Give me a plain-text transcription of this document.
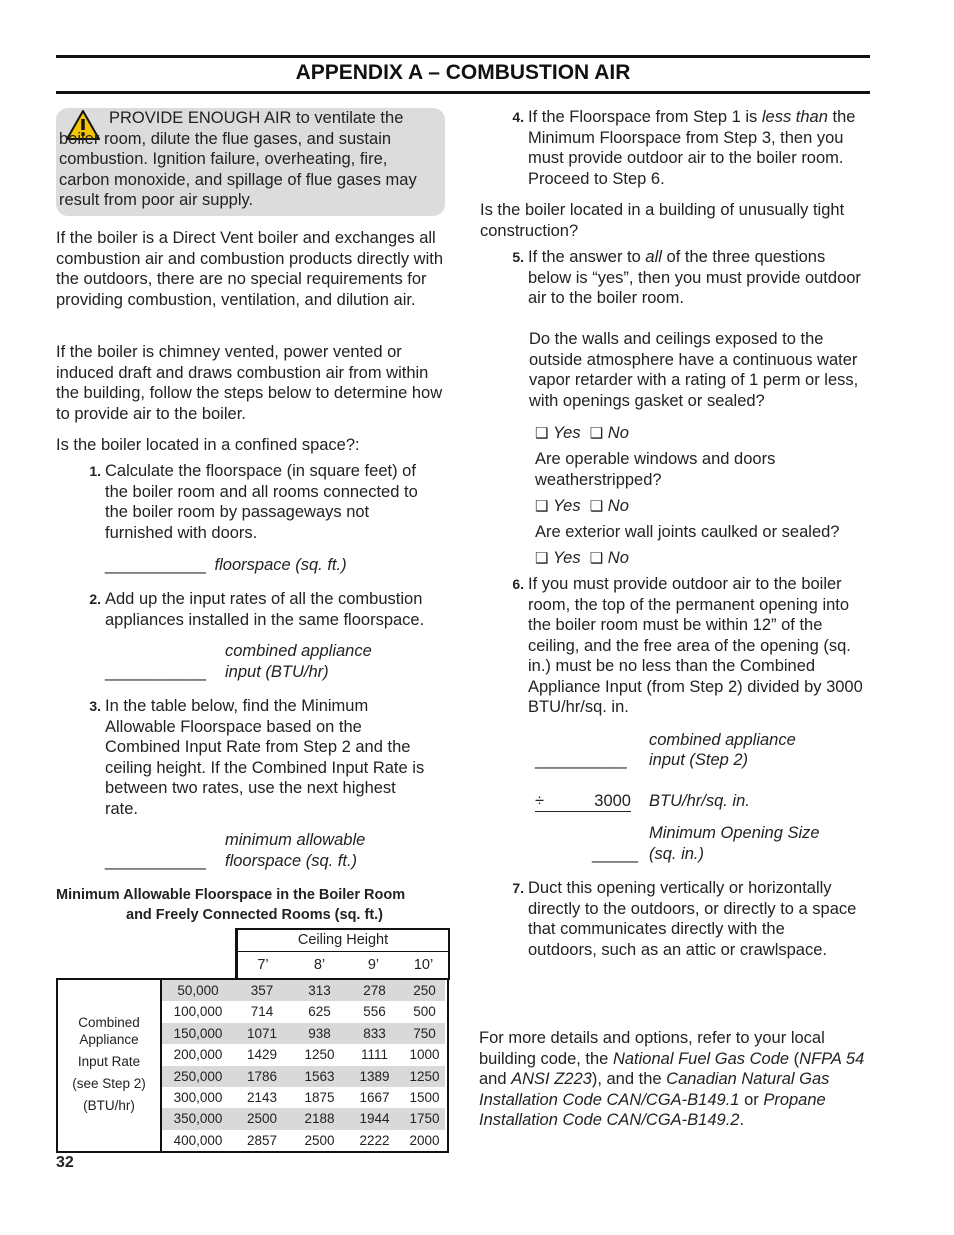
APPENDIX A – COMBUSTION AIR

PROVIDE ENOUGH AIR to ventilate the boiler room, dilute the flue gases, and sustain combustion. Ignition failure, overheating, fire, carbon monoxide, and spillage of flue gases may result from poor air supply.

If the boiler is a Direct Vent boiler and exchanges all combustion air and combustion products directly with the outdoors, there are no special requirements for providing combustion, ventilation, and dilution air.

If the boiler is chimney vented, power vented or induced draft and draws combustion air from within the building, follow the steps below to determine how to provide air to the boiler.

Is the boiler located in a confined space?:

1. Calculate the floorspace (in square feet) of the boiler room and all rooms connected to the boiler room by passageways not furnished with doors.
___________ floorspace (sq. ft.)
2. Add up the input rates of all the combustion appliances installed in the same floorspace.
___________
combined appliance
input (BTU/hr)
3. In the table below, find the Minimum Allowable Floorspace based on the Combined Input Rate from Step 2 and the ceiling height. If the Combined Input Rate is between two rates, use the next highest rate.
___________
minimum allowable
floorspace (sq. ft.)
Minimum Allowable Floorspace in the Boiler Room
and Freely Connected Rooms (sq. ft.)
Ceiling Height
7’	8’	9’	10’
Combined
Appliance
Input Rate
(see Step 2)
(BTU/hr)
50,000	357	313	278	250
100,000	714	625	556	500
150,000	1071	938	833	750
200,000	1429	1250	1111	1000
250,000	1786	1563	1389	1250
300,000	2143	1875	1667	1500
350,000	2500	2188	1944	1750
400,000	2857	2500	2222	2000
32
4. If the Floorspace from Step 1 is less than the Minimum Floorspace from Step 3, then you must provide outdoor air to the boiler room. Proceed to Step 6.

Is the boiler located in a building of unusually tight construction?

5. If the answer to all of the three questions below is “yes”, then you must provide outdoor air to the boiler room.

Do the walls and ceilings exposed to the outside atmosphere have a continuous water vapor retarder with a rating of 1 perm or less, with openings gasket or sealed?

❑ Yes ❑ No

Are operable windows and doors weatherstripped?

❑ Yes ❑ No

Are exterior wall joints caulked or sealed?

❑ Yes ❑ No
6. If you must provide outdoor air to the boiler room, the top of the permanent opening into the boiler room must be within 12” of the ceiling, and the free area of the opening (sq. in.) must be no less than the Combined Appliance Input (from Step 2) divided by 3000 BTU/hr/sq. in.
__________
combined appliance
input (Step 2)
÷	3000 BTU/hr/sq. in.
_____
Minimum Opening Size
(sq. in.)
7. Duct this opening vertically or horizontally directly to the outdoors, or directly to a space that communicates directly with the outdoors, such as an attic or crawlspace.

For more details and options, refer to your local building code, the National Fuel Gas Code (NFPA 54 and ANSI Z223), and the Canadian Natural Gas Installation Code CAN/CGA-B149.1 or Propane Installation Code CAN/CGA-B149.2.
